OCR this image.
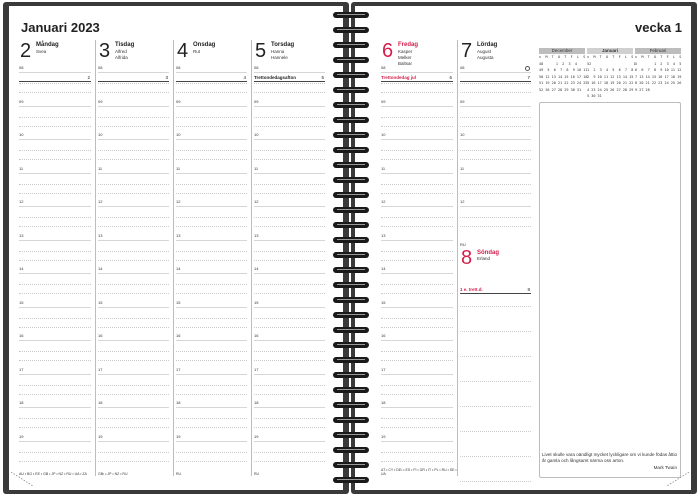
Januari 2023
2 Måndag
Svea
2
08
09
10
11
12
13
14
15
16
17
18
19
AU • BG • EE • GB • JP • NZ • RU • UA • ZA
3 Tisdag
Alfred
Alfrida
3
08
09
10
11
12
13
14
15
16
17
18
19
GB² • JP • NZ • RU
4 Onsdag
Rut
4
08
09
10
11
12
13
14
15
16
17
18
19
RU
5 Torsdag
Hanna
Hannele
Trettondedagsafton	5
08
09
10
11
12
13
14
15
16
17
18
19
RU
vecka 1
6 Fredag
Kasper
Melker
Baltsar
Trettondedag jul	6
08
09
10
11
12
13
14
15
16
17
18
19
AT • CY • DE² • ES • FI • GR • IT • PL • RU • SE • UA
7 Lördag
August
Augusta
7
08
09
10
11
12
RU
8 Söndag
Erland
1 e. trett.d.	8
December
v  M  T  O  T  F  L  S
48      1  2  3  4
49  5  6  7  8  9 10 11
50 12 13 14 15 16 17 18
51 19 20 21 22 23 24 25
52 26 27 28 29 30 31
Januari
v  M  T  O  T  F  L  S
52                    1
1  2  3  4  5  6  7  8
2  9 10 11 12 13 14 15
3 16 17 18 19 20 21 22
4 23 24 25 26 27 28 29
5 30 31
Februari
v  M  T  O  T  F  L  S
5        1  2  3  4  5
6  6  7  8  9 10 11 12
7 13 14 15 16 17 18 19
8 20 21 22 23 24 25 26
9 27 28
Livet skulle vara oändligt mycket lyckligare om vi kunde födas åttio år gamla och långsamt närma oss arton.
Mark Twain
